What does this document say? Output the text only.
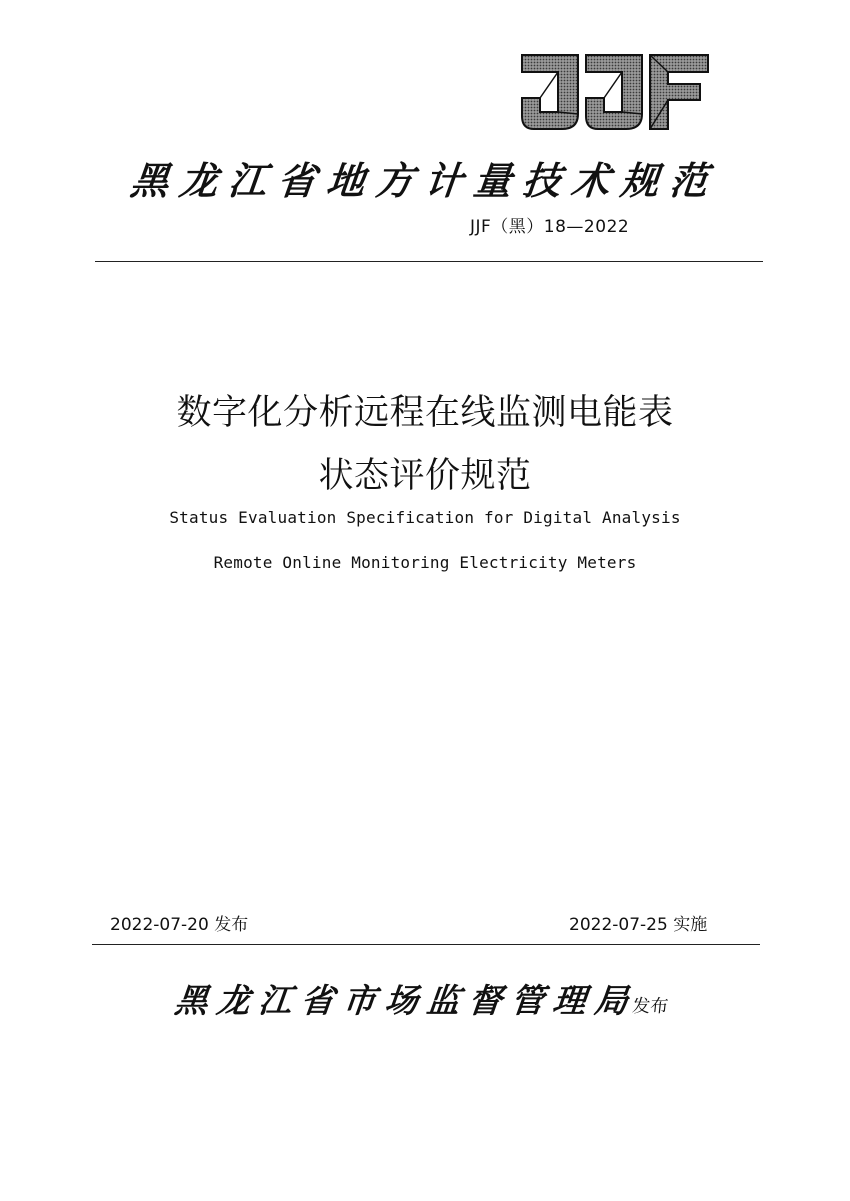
黑龙江省地方计量技术规范
JJF（黑）18—2022
数字化分析远程在线监测电能表
状态评价规范
Status Evaluation Specification for Digital Analysis
Remote Online Monitoring Electricity Meters
2022-07-20 发布	2022-07-25 实施
黑龙江省市场监督管理局发布
